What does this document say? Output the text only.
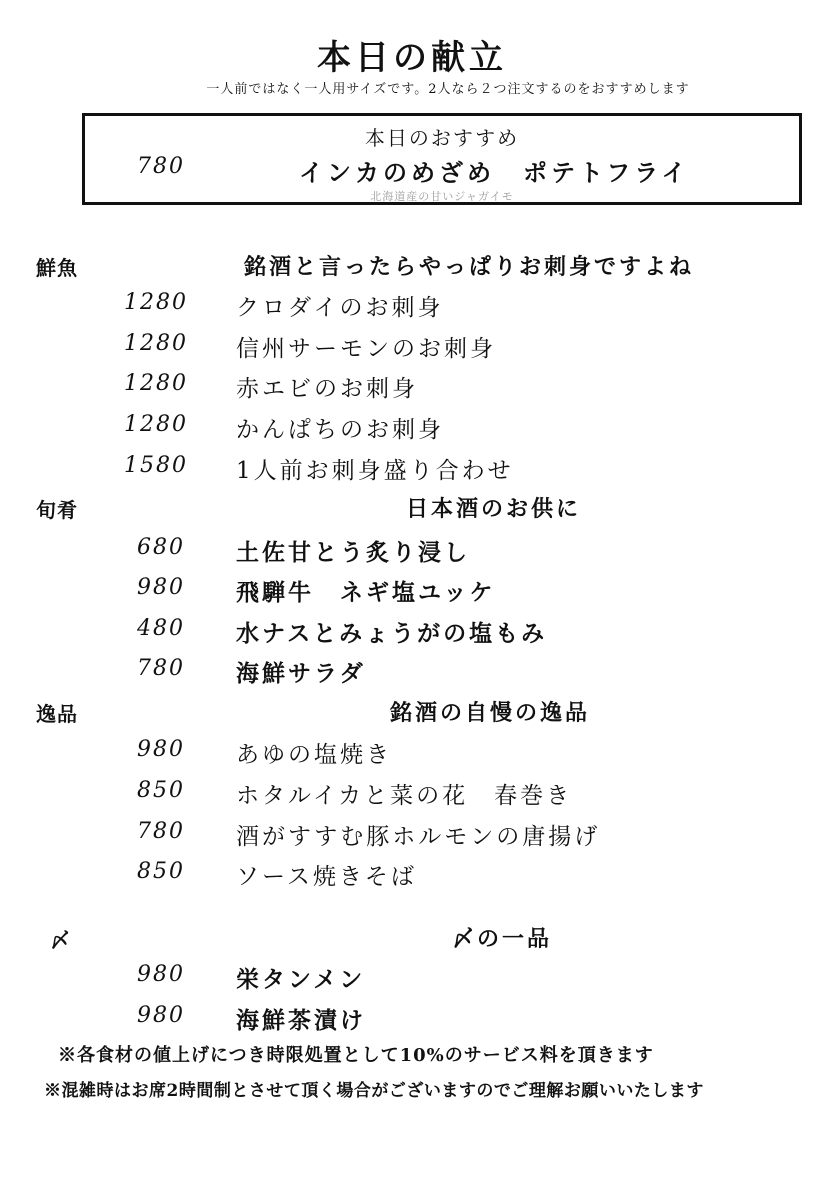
本日の献立
一人前ではなく一人用サイズです。2人なら２つ注文するのをおすすめします
本日のおすすめ
780	インカのめざめ　ポテトフライ
北海道産の甘いジャガイモ
鮮魚	銘酒と言ったらやっぱりお刺身ですよね
1280 クロダイのお刺身
1280 信州サーモンのお刺身
1280 赤エビのお刺身
1280 かんぱちのお刺身
1580 1人前お刺身盛り合わせ
旬肴	日本酒のお供に
680 土佐甘とう炙り浸し
980 飛騨牛　ネギ塩ユッケ
480 水ナスとみょうがの塩もみ
780 海鮮サラダ
逸品	銘酒の自慢の逸品
980 あゆの塩焼き
850 ホタルイカと菜の花　春巻き
780 酒がすすむ豚ホルモンの唐揚げ
850 ソース焼きそば
〆	〆の一品
980 栄タンメン
980 海鮮茶漬け
※各食材の値上げにつき時限処置として10%のサービス料を頂きます
※混雑時はお席2時間制とさせて頂く場合がございますのでご理解お願いいたします
